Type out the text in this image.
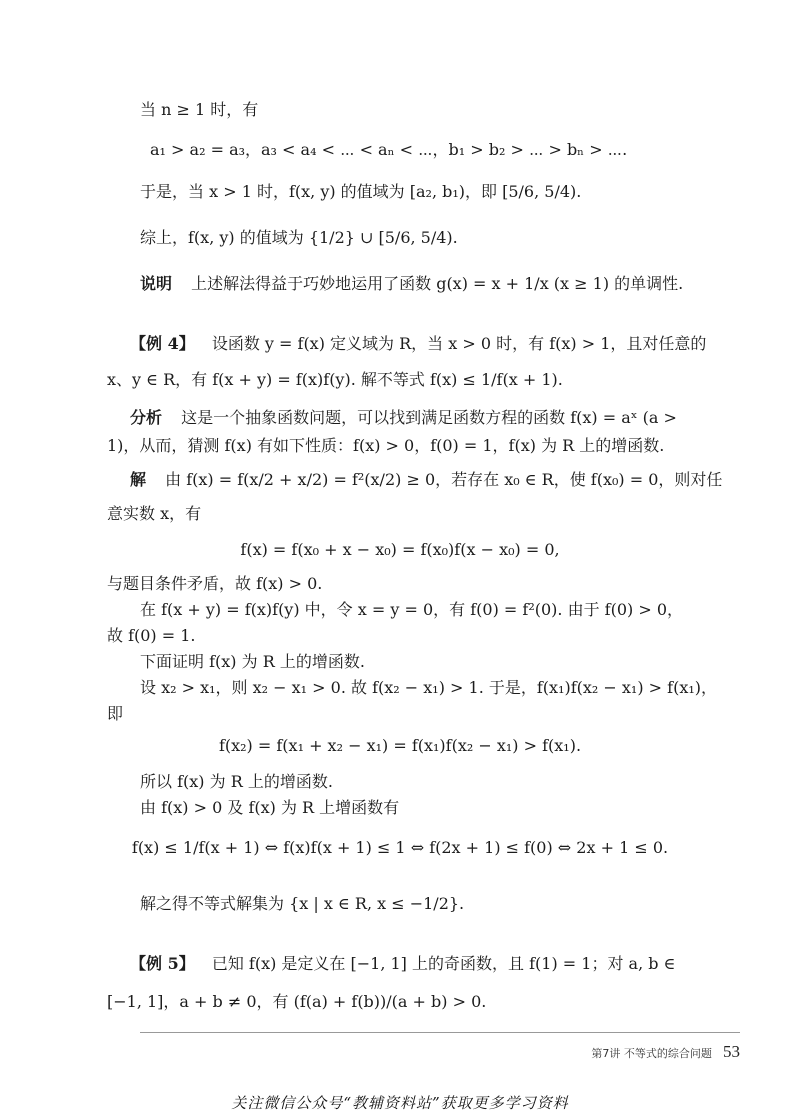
当 n ≥ 1 时，有
a₁ > a₂ = a₃，a₃ < a₄ < ⋯ < aₙ < ⋯，b₁ > b₂ > ⋯ > bₙ > ⋯.
于是，当 x > 1 时，f(x, y) 的值域为 [a₂, b₁)，即 [5/6, 5/4).
综上，f(x, y) 的值域为 {1/2} ∪ [5/6, 5/4).
说明 上述解法得益于巧妙地运用了函数 g(x) = x + 1/x (x ≥ 1) 的单调性.
【例 4】 设函数 y = f(x) 定义域为 R，当 x > 0 时，有 f(x) > 1，且对任意的
x、y ∈ R，有 f(x + y) = f(x)f(y). 解不等式 f(x) ≤ 1/f(x + 1).
分析 这是一个抽象函数问题，可以找到满足函数方程的函数 f(x) = aˣ (a >
1)，从而，猜测 f(x) 有如下性质：f(x) > 0，f(0) = 1，f(x) 为 R 上的增函数.
解 由 f(x) = f(x/2 + x/2) = f²(x/2) ≥ 0，若存在 x₀ ∈ R，使 f(x₀) = 0，则对任
意实数 x，有
f(x) = f(x₀ + x − x₀) = f(x₀)f(x − x₀) = 0,
与题目条件矛盾，故 f(x) > 0.
在 f(x + y) = f(x)f(y) 中，令 x = y = 0，有 f(0) = f²(0). 由于 f(0) > 0，
故 f(0) = 1.
下面证明 f(x) 为 R 上的增函数.
设 x₂ > x₁，则 x₂ − x₁ > 0. 故 f(x₂ − x₁) > 1. 于是，f(x₁)f(x₂ − x₁) > f(x₁)，
即
f(x₂) = f(x₁ + x₂ − x₁) = f(x₁)f(x₂ − x₁) > f(x₁).
所以 f(x) 为 R 上的增函数.
由 f(x) > 0 及 f(x) 为 R 上增函数有
f(x) ≤ 1/f(x + 1) ⇔ f(x)f(x + 1) ≤ 1 ⇔ f(2x + 1) ≤ f(0) ⇔ 2x + 1 ≤ 0.
解之得不等式解集为 {x | x ∈ R, x ≤ −1/2}.
【例 5】 已知 f(x) 是定义在 [−1, 1] 上的奇函数，且 f(1) = 1；对 a, b ∈
[−1, 1]，a + b ≠ 0，有 (f(a) + f(b))/(a + b) > 0.
第7讲 不等式的综合问题 53
关注微信公众号“教辅资料站”获取更多学习资料
